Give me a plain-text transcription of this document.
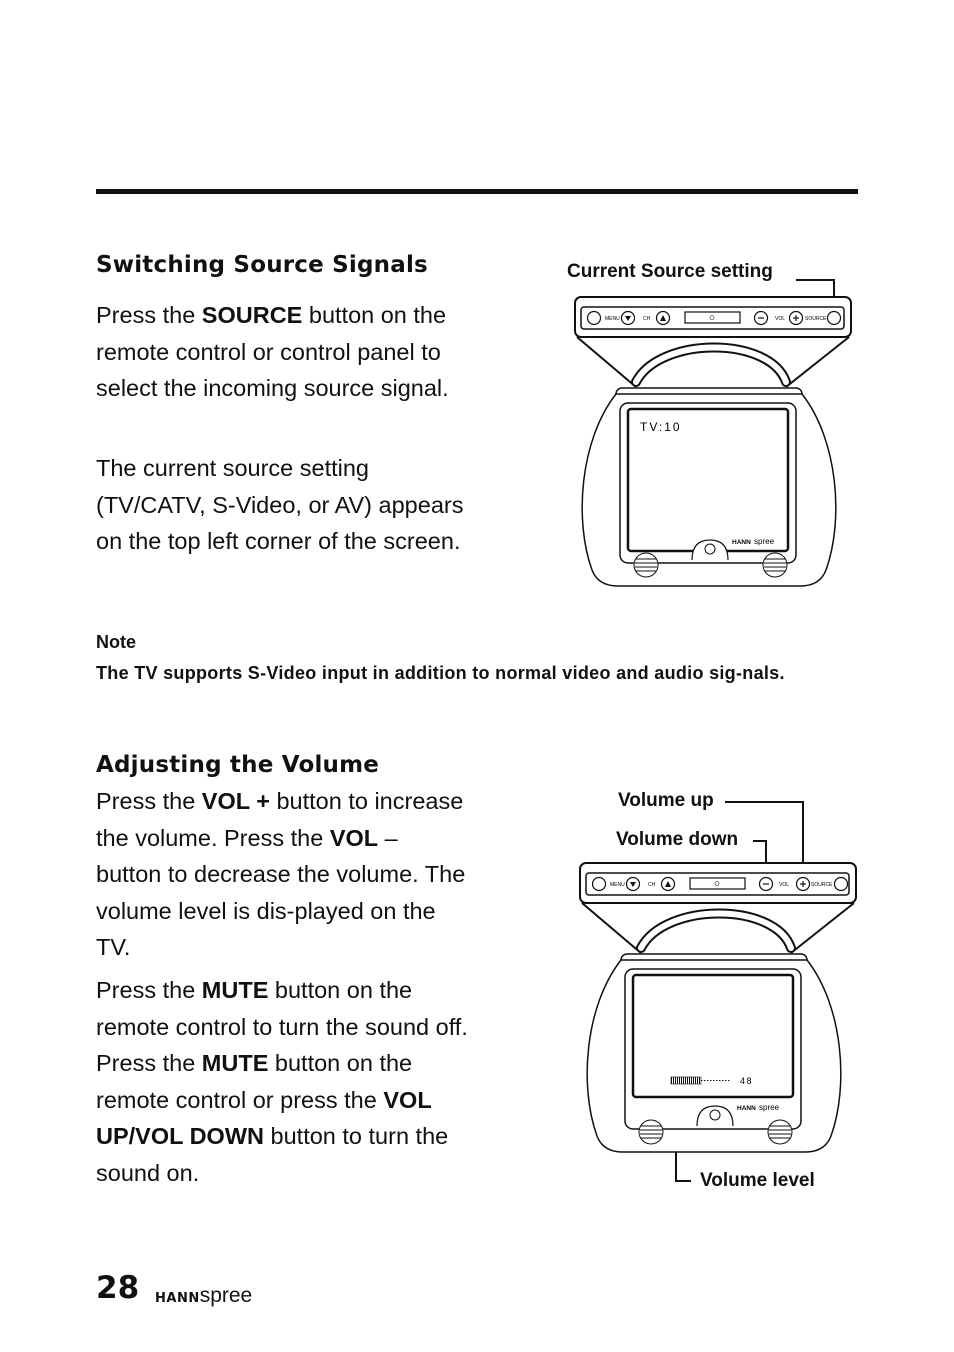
Switching Source Signals

Press the SOURCE button on the remote control or control panel to select the incoming source signal.

The current source setting (TV/CATV, S-Video, or AV) appears on the top left corner of the screen.

Current Source setting
MENU	CH	VOL	SOURCE
TV:10
HANN spree

Note

The TV supports S-Video input in addition to normal video and audio sig-nals.

Adjusting the Volume

Press the VOL + button to increase the volume. Press the VOL – button to decrease the volume. The volume level is dis-played on the TV.

Press the MUTE button on the remote control to turn the sound off. Press the MUTE button on the remote control or press the VOL UP/VOL DOWN button to turn the sound on.

Volume up
Volume down
Volume level
MENU	CH	VOL	SOURCE
48
HANN spree
28 HANNspree
